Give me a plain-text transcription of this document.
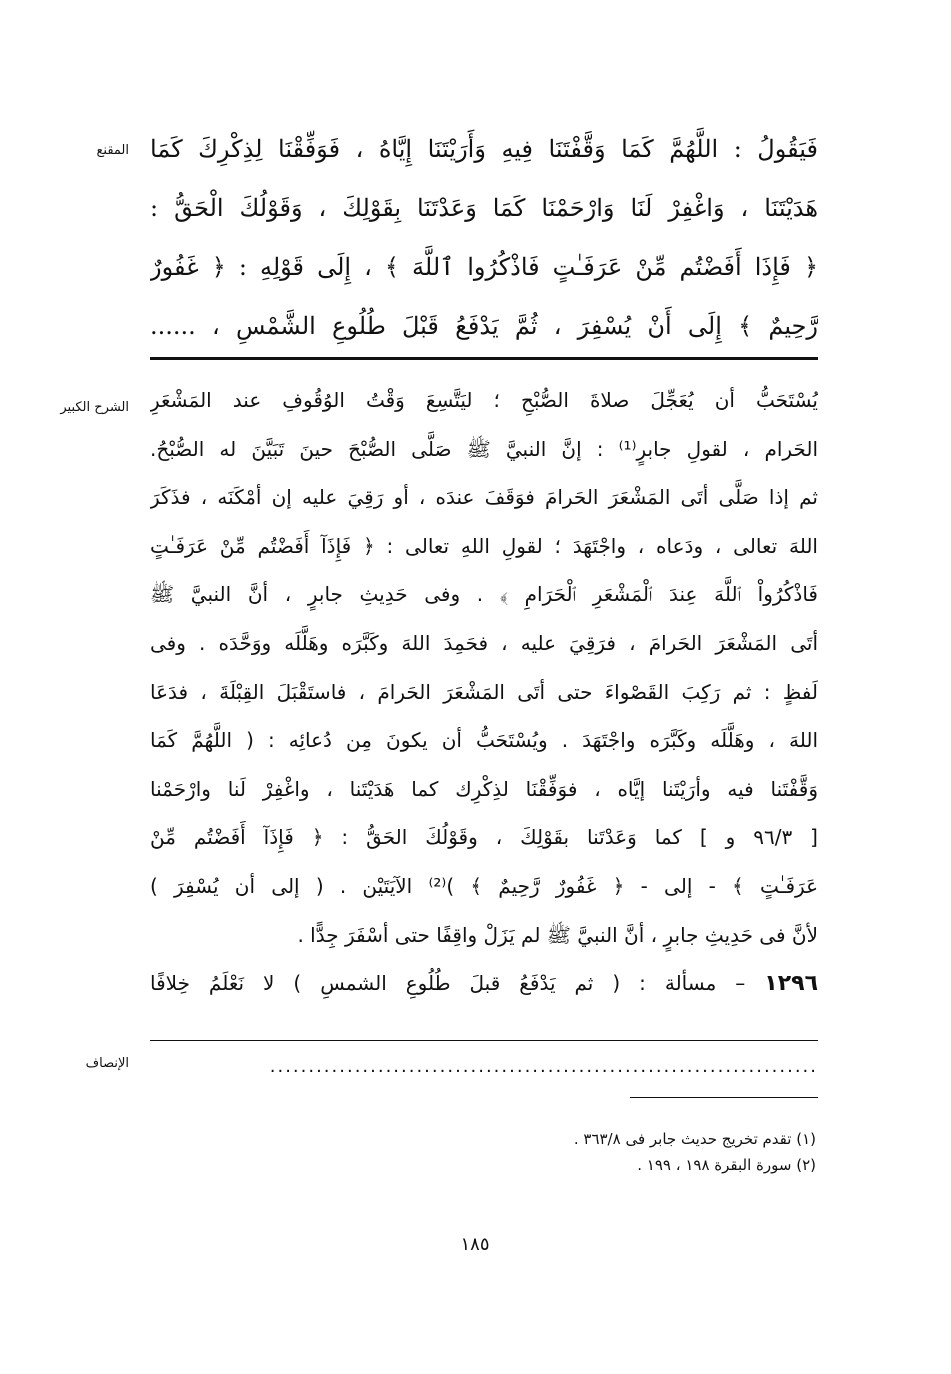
المقنع فَيَقُولُ : اللَّهُمَّ كَمَا وَقَّفْتَنَا فِيهِ وَأَرَيْتَنَا إِيَّاهُ ، فَوَفِّقْنَا لِذِكْرِكَ كَمَا

هَدَيْتَنَا ، وَاغْفِرْ لَنَا وَارْحَمْنَا كَمَا وَعَدْتَنَا بِقَوْلِكَ ، وَقَوْلُكَ الْحَقُّ :

﴿ فَإِذَا أَفَضْتُم مِّنْ عَرَفَـٰتٍ فَاذْكُرُوا ٱللَّهَ ﴾ ، إِلَى قَوْلِهِ : ﴿ غَفُورٌ

رَّحِيمٌ ﴾ إِلَى أَنْ يُسْفِرَ ، ثُمَّ يَدْفَعُ قَبْلَ طُلُوعِ الشَّمْسِ ، ......

الشرح الكبير يُسْتَحَبُّ أن يُعَجِّلَ صلاةَ الصُّبْحِ ؛ ليَتَّسِعَ وَقْتُ الوُقُوفِ عند المَشْعَرِ

الحَرام ، لقولِ جابرٍ⁽¹⁾ : إنَّ النبيَّ ﷺ صَلَّى الصُّبْحَ حينَ تَبَيَّنَ له الصُّبْحُ.

ثم إذا صَلَّى أتَى المَشْعَرَ الحَرامَ فوَقَفَ عندَه ، أو رَقِيَ عليه إن أمْكَنَه ، فذَكَرَ

اللهَ تعالى ، ودَعاه ، واجْتَهَدَ ؛ لقولِ اللهِ تعالى : ﴿ فَإِذَآ أَفَضْتُم مِّنْ عَرَفَـٰتٍ

فَاذْكُرُواْ ٱللَّهَ عِندَ ٱلْمَشْعَرِ ٱلْحَرَامِ ﴾ . وفى حَدِيثِ جابرٍ ، أنَّ النبيَّ ﷺ

أتَى المَشْعَرَ الحَرامَ ، فرَقِيَ عليه ، فحَمِدَ اللهَ وكَبَّرَه وهَلَّلَه ووَحَّدَه . وفى

لَفظٍ : ثم رَكِبَ القَصْواءَ حتى أتَى المَشْعَرَ الحَرامَ ، فاستَقْبَلَ القِبْلَةَ ، فدَعَا

اللهَ ، وهَلَّلَه وكَبَّرَه واجْتَهَدَ . ويُسْتَحَبُّ أن يكونَ مِن دُعائِه : ( اللَّهُمَّ كَمَا

وَقَّفْتَنا فيه وأرَيْتَنا إيَّاه ، فوَفِّقْنَا لذِكْرِك كما هَدَيْتَنا ، واغْفِرْ لَنا وارْحَمْنا

[ ٩٦/٣ و ] كما وَعَدْتَنا بقَوْلِكَ ، وقَوْلُكَ الحَقُّ : ﴿ فَإِذَآ أَفَضْتُم مِّنْ

عَرَفَـٰتٍ ﴾ - إلى - ﴿ غَفُورٌ رَّحِيمٌ ﴾ )⁽²⁾ الآيَتَيْن . ( إلى أن يُسْفِرَ )

لأنَّ فى حَدِيثِ جابرٍ ، أنَّ النبيَّ ﷺ لم يَزَلْ واقِفًا حتى أسْفَرَ جِدًّا .

١٢٩٦ – مسألة : ( ثم يَدْفَعُ قبلَ طُلُوعِ الشمسِ ) لا نَعْلَمُ خِلافًا

الإنصاف	.......................................................................
(١) تقدم تخريج حديث جابر فى ٣٦٣/٨ .
(٢) سورة البقرة ١٩٨ ، ١٩٩ .
١٨٥
